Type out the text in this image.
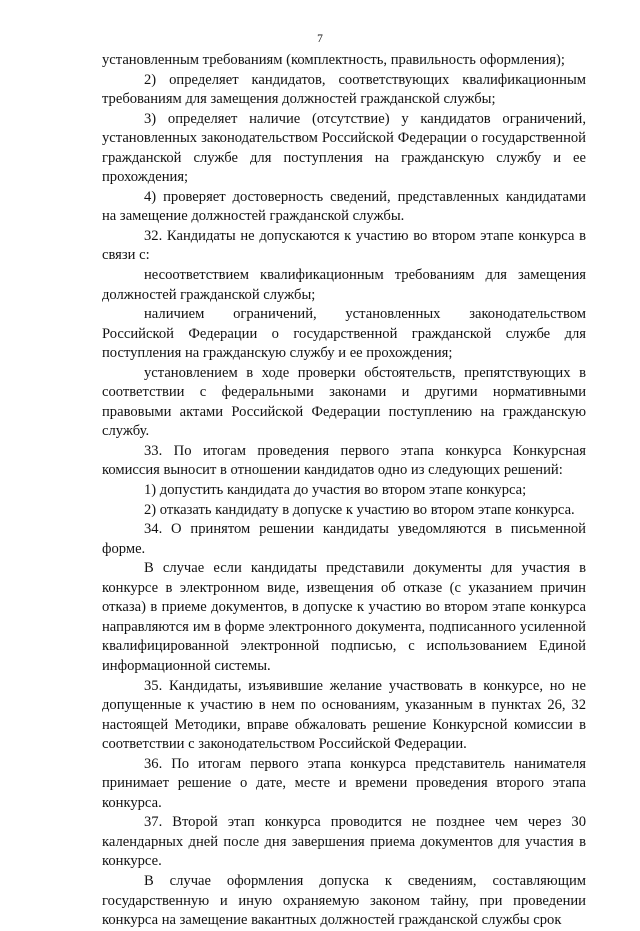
7

установленным требованиям (комплектность, правильность оформления);

2) определяет кандидатов, соответствующих квалификационным требованиям для замещения должностей гражданской службы;

3) определяет наличие (отсутствие) у кандидатов ограничений, установленных законодательством Российской Федерации о государственной гражданской службе для поступления на гражданскую службу и ее прохождения;

4) проверяет достоверность сведений, представленных кандидатами на замещение должностей гражданской службы.

32. Кандидаты не допускаются к участию во втором этапе конкурса в связи с:

несоответствием квалификационным требованиям для замещения должностей гражданской службы;

наличием ограничений, установленных законодательством Российской Федерации о государственной гражданской службе для поступления на гражданскую службу и ее прохождения;

установлением в ходе проверки обстоятельств, препятствующих в соответствии с федеральными законами и другими нормативными правовыми актами Российской Федерации поступлению на гражданскую службу.

33. По итогам проведения первого этапа конкурса Конкурсная комиссия выносит в отношении кандидатов одно из следующих решений:

1) допустить кандидата до участия во втором этапе конкурса;

2) отказать кандидату в допуске к участию во втором этапе конкурса.

34. О принятом решении кандидаты уведомляются в письменной форме.

В случае если кандидаты представили документы для участия в конкурсе в электронном виде, извещения об отказе (с указанием причин отказа) в приеме документов, в допуске к участию во втором этапе конкурса направляются им в форме электронного документа, подписанного усиленной квалифицированной электронной подписью, с использованием Единой информационной системы.

35. Кандидаты, изъявившие желание участвовать в конкурсе, но не допущенные к участию в нем по основаниям, указанным в пунктах 26, 32 настоящей Методики, вправе обжаловать решение Конкурсной комиссии в соответствии с законодательством Российской Федерации.

36. По итогам первого этапа конкурса представитель нанимателя принимает решение о дате, месте и времени проведения второго этапа конкурса.

37. Второй этап конкурса проводится не позднее чем через 30 календарных дней после дня завершения приема документов для участия в конкурсе.

В случае оформления допуска к сведениям, составляющим государственную и иную охраняемую законом тайну, при проведении конкурса на замещение вакантных должностей гражданской службы срок
